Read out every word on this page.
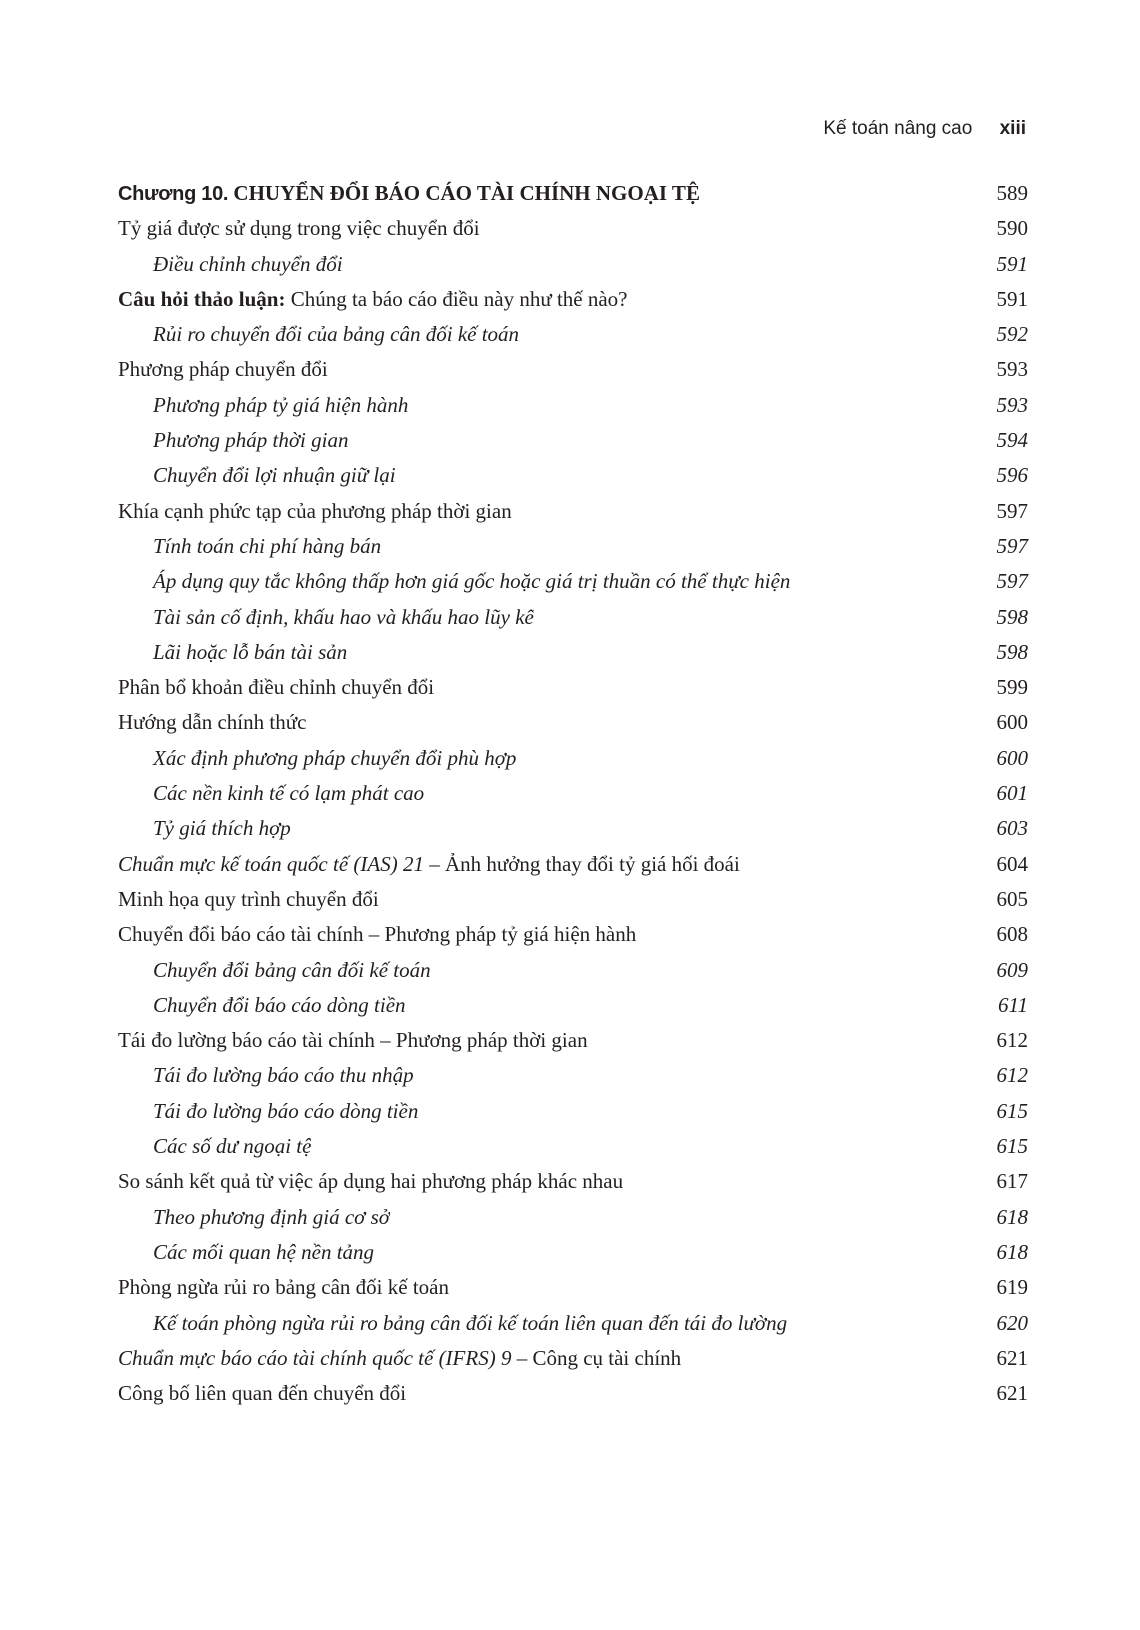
Kế toán nâng cao xiii
Chương 10. CHUYỂN ĐỔI BÁO CÁO TÀI CHÍNH NGOẠI TỆ	589
Tỷ giá được sử dụng trong việc chuyển đổi	590
Điều chỉnh chuyển đổi	591
Câu hỏi thảo luận: Chúng ta báo cáo điều này như thế nào?	591
Rủi ro chuyển đổi của bảng cân đối kế toán	592
Phương pháp chuyển đổi	593
Phương pháp tỷ giá hiện hành	593
Phương pháp thời gian	594
Chuyển đổi lợi nhuận giữ lại	596
Khía cạnh phức tạp của phương pháp thời gian	597
Tính toán chi phí hàng bán	597
Áp dụng quy tắc không thấp hơn giá gốc hoặc giá trị thuần có thể thực hiện	597
Tài sản cố định, khấu hao và khấu hao lũy kế	598
Lãi hoặc lỗ bán tài sản	598
Phân bổ khoản điều chỉnh chuyển đổi	599
Hướng dẫn chính thức	600
Xác định phương pháp chuyển đổi phù hợp	600
Các nền kinh tế có lạm phát cao	601
Tỷ giá thích hợp	603
Chuẩn mực kế toán quốc tế (IAS) 21 – Ảnh hưởng thay đổi tỷ giá hối đoái	604
Minh họa quy trình chuyển đổi	605
Chuyển đổi báo cáo tài chính – Phương pháp tỷ giá hiện hành	608
Chuyển đổi bảng cân đối kế toán	609
Chuyển đổi báo cáo dòng tiền	611
Tái đo lường báo cáo tài chính – Phương pháp thời gian	612
Tái đo lường báo cáo thu nhập	612
Tái đo lường báo cáo dòng tiền	615
Các số dư ngoại tệ	615
So sánh kết quả từ việc áp dụng hai phương pháp khác nhau	617
Theo phương định giá cơ sở	618
Các mối quan hệ nền tảng	618
Phòng ngừa rủi ro bảng cân đối kế toán	619
Kế toán phòng ngừa rủi ro bảng cân đối kế toán liên quan đến tái đo lường	620
Chuẩn mực báo cáo tài chính quốc tế (IFRS) 9 – Công cụ tài chính	621
Công bố liên quan đến chuyển đổi	621
